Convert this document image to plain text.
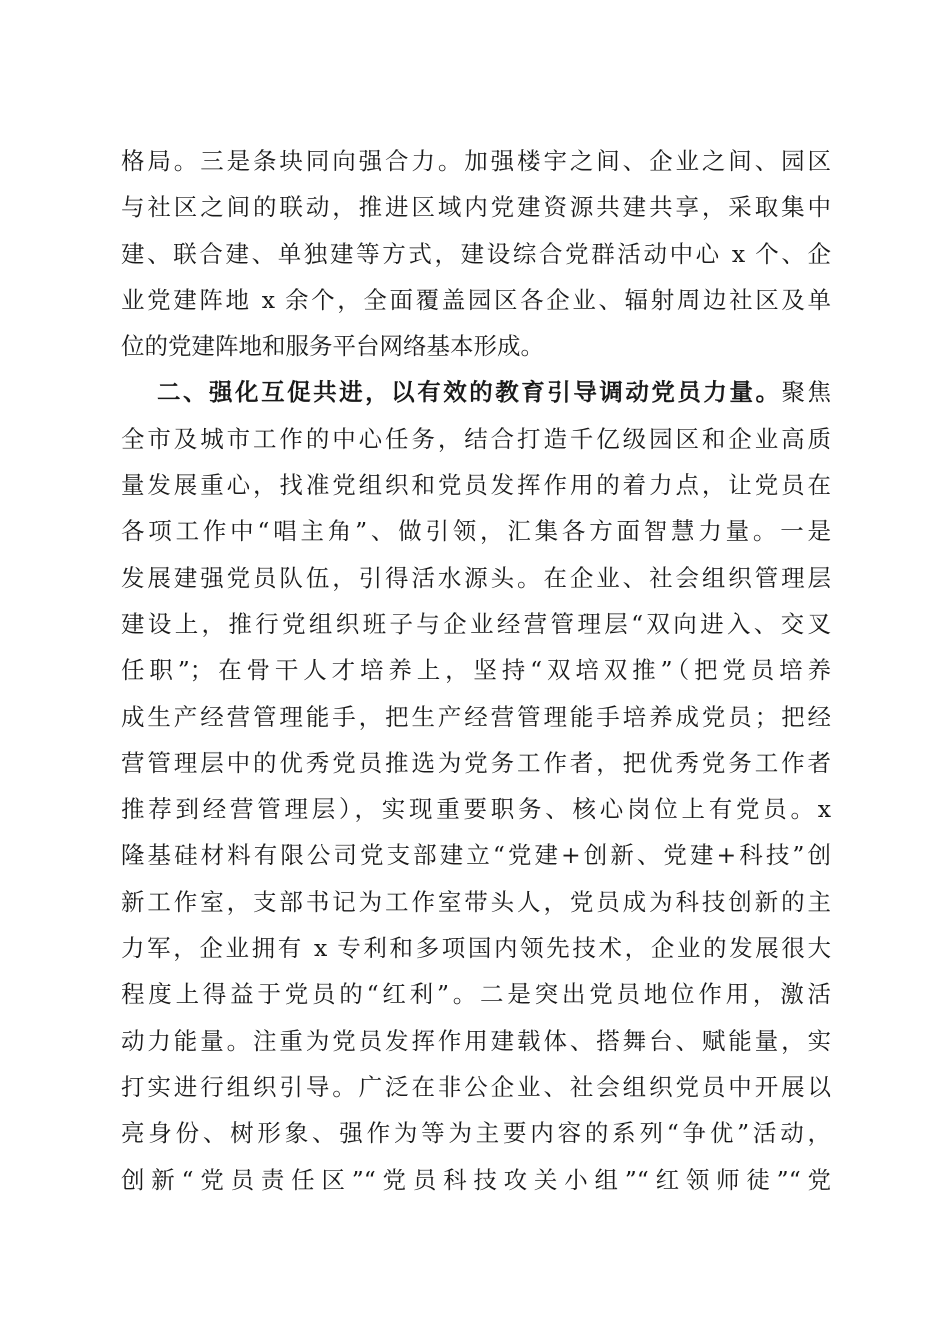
格局。三是条块同向强合力。加强楼宇之间、企业之间、园区
与社区之间的联动，推进区域内党建资源共建共享，采取集中
建、联合建、单独建等方式，建设综合党群活动中心 x 个、企
业党建阵地 x 余个，全面覆盖园区各企业、辐射周边社区及单
位的党建阵地和服务平台网络基本形成。
二、强化互促共进，以有效的教育引导调动党员力量。聚焦
全市及城市工作的中心任务，结合打造千亿级园区和企业高质
量发展重心，找准党组织和党员发挥作用的着力点，让党员在
各项工作中“唱主角”、做引领，汇集各方面智慧力量。一是
发展建强党员队伍，引得活水源头。在企业、社会组织管理层
建设上，推行党组织班子与企业经营管理层“双向进入、交叉
任职”；在骨干人才培养上，坚持“双培双推”（把党员培养
成生产经营管理能手，把生产经营管理能手培养成党员；把经
营管理层中的优秀党员推选为党务工作者，把优秀党务工作者
推荐到经营管理层），实现重要职务、核心岗位上有党员。x
隆基硅材料有限公司党支部建立“党建+创新、党建+科技”创
新工作室，支部书记为工作室带头人，党员成为科技创新的主
力军，企业拥有 x 专利和多项国内领先技术，企业的发展很大
程度上得益于党员的“红利”。二是突出党员地位作用，激活
动力能量。注重为党员发挥作用建载体、搭舞台、赋能量，实
打实进行组织引导。广泛在非公企业、社会组织党员中开展以
亮身份、树形象、强作为等为主要内容的系列“争优”活动，
创新“党员责任区”“党员科技攻关小组”“红领师徒”“党
